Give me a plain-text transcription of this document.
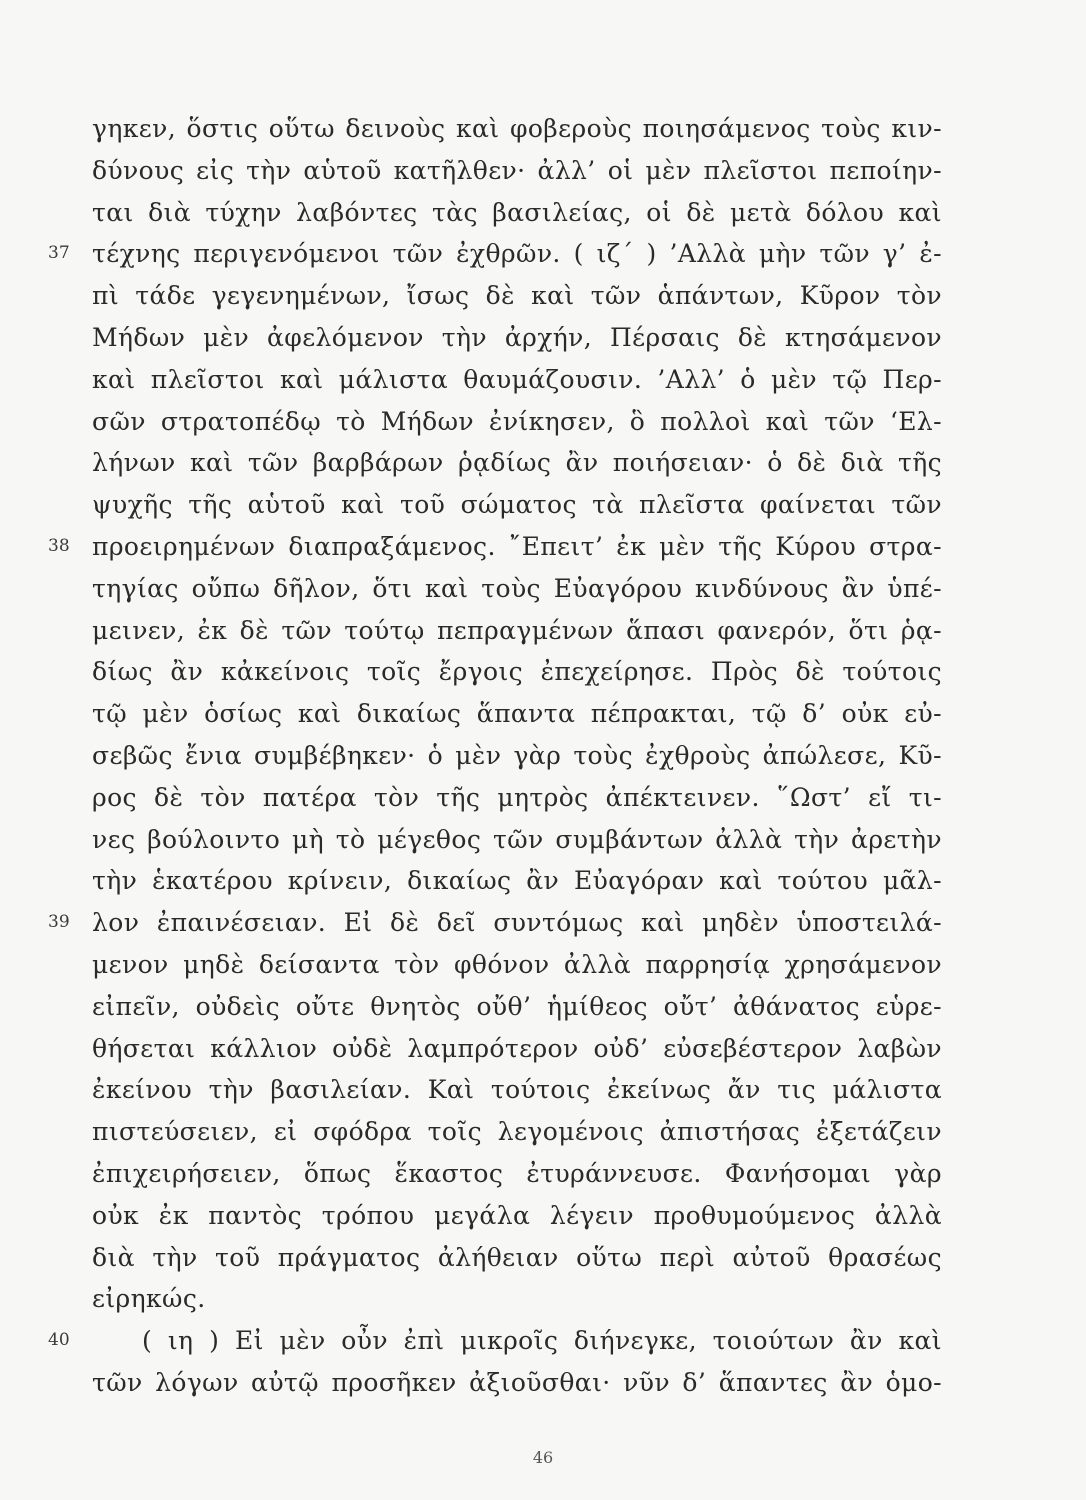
γηκεν, ὅστις οὕτω δεινοὺς καὶ φοβεροὺς ποιησάμενος τοὺς κιν-
δύνους εἰς τὴν αὑτοῦ κατῆλθεν· ἀλλ’ οἱ μὲν πλεῖστοι πεποίην-
ται διὰ τύχην λαβόντες τὰς βασιλείας, οἱ δὲ μετὰ δόλου καὶ
37 τέχνης περιγενόμενοι τῶν ἐχθρῶν. ( ιζ΄ ) ’Αλλὰ μὴν τῶν γ’ ἐ-
πὶ τάδε γεγενημένων, ἴσως δὲ καὶ τῶν ἁπάντων, Κῦρον τὸν
Μήδων μὲν ἀφελόμενον τὴν ἀρχήν, Πέρσαις δὲ κτησάμενον
καὶ πλεῖστοι καὶ μάλιστα θαυμάζουσιν. ’Αλλ’ ὁ μὲν τῷ Περ-
σῶν στρατοπέδῳ τὸ Μήδων ἐνίκησεν, ὃ πολλοὶ καὶ τῶν ‘Ελ-
λήνων καὶ τῶν βαρβάρων ῥᾳδίως ἂν ποιήσειαν· ὁ δὲ διὰ τῆς
ψυχῆς τῆς αὑτοῦ καὶ τοῦ σώματος τὰ πλεῖστα φαίνεται τῶν
38 προειρημένων διαπραξάμενος. ῎Επειτ’ ἐκ μὲν τῆς Κύρου στρα-
τηγίας οὔπω δῆλον, ὅτι καὶ τοὺς Εὐαγόρου κινδύνους ἂν ὑπέ-
μεινεν, ἐκ δὲ τῶν τούτῳ πεπραγμένων ἅπασι φανερόν, ὅτι ῥᾳ-
δίως ἂν κἀκείνοις τοῖς ἔργοις ἐπεχείρησε. Πρὸς δὲ τούτοις
τῷ μὲν ὁσίως καὶ δικαίως ἅπαντα πέπρακται, τῷ δ’ οὐκ εὐ-
σεβῶς ἔνια συμβέβηκεν· ὁ μὲν γὰρ τοὺς ἐχθροὺς ἀπώλεσε, Κῦ-
ρος δὲ τὸν πατέρα τὸν τῆς μητρὸς ἀπέκτεινεν. ῞Ωστ’ εἴ τι-
νες βούλοιντο μὴ τὸ μέγεθος τῶν συμβάντων ἀλλὰ τὴν ἀρετὴν
τὴν ἑκατέρου κρίνειν, δικαίως ἂν Εὐαγόραν καὶ τούτου μᾶλ-
39 λον ἐπαινέσειαν. Εἰ δὲ δεῖ συντόμως καὶ μηδὲν ὑποστειλά-
μενον μηδὲ δείσαντα τὸν φθόνον ἀλλὰ παρρησίᾳ χρησάμενον
εἰπεῖν, οὐδεὶς οὔτε θνητὸς οὔθ’ ἡμίθεος οὔτ’ ἀθάνατος εὑρε-
θήσεται κάλλιον οὐδὲ λαμπρότερον οὐδ’ εὐσεβέστερον λαβὼν
ἐκείνου τὴν βασιλείαν. Καὶ τούτοις ἐκείνως ἄν τις μάλιστα
πιστεύσειεν, εἰ σφόδρα τοῖς λεγομένοις ἀπιστήσας ἐξετάζειν
ἐπιχειρήσειεν, ὅπως ἕκαστος ἐτυράννευσε. Φανήσομαι γὰρ
οὐκ ἐκ παντὸς τρόπου μεγάλα λέγειν προθυμούμενος ἀλλὰ
διὰ τὴν τοῦ πράγματος ἀλήθειαν οὕτω περὶ αὐτοῦ θρασέως
εἰρηκώς.
40	( ιη ) Εἰ μὲν οὖν ἐπὶ μικροῖς διήνεγκε, τοιούτων ἂν καὶ
τῶν λόγων αὐτῷ προσῆκεν ἀξιοῦσθαι· νῦν δ’ ἅπαντες ἂν ὁμο-
46
